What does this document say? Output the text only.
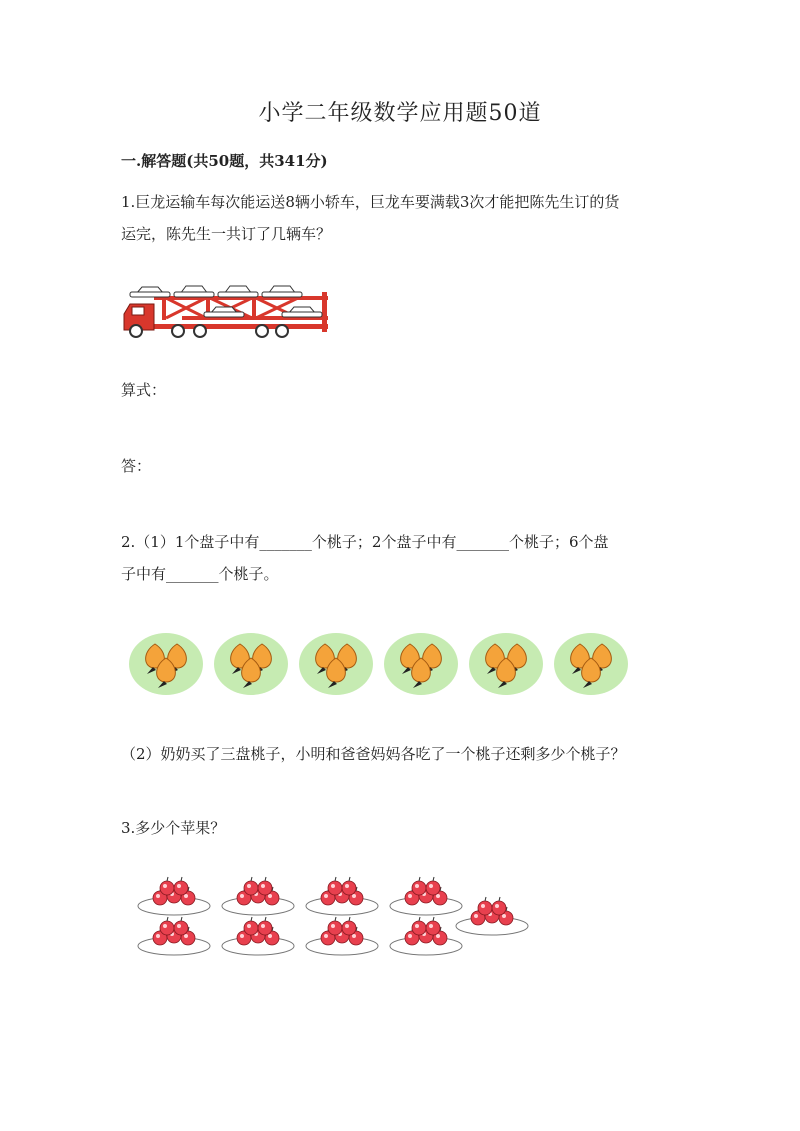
小学二年级数学应用题50道
一.解答题(共50题，共341分)
1.巨龙运输车每次能运送8辆小轿车，巨龙车要满载3次才能把陈先生订的货
运完，陈先生一共订了几辆车？
算式：
答：
2.（1）1个盘子中有_______个桃子；2个盘子中有_______个桃子；6个盘
子中有_______个桃子。
（2）奶奶买了三盘桃子，小明和爸爸妈妈各吃了一个桃子还剩多少个桃子？
3.多少个苹果？
